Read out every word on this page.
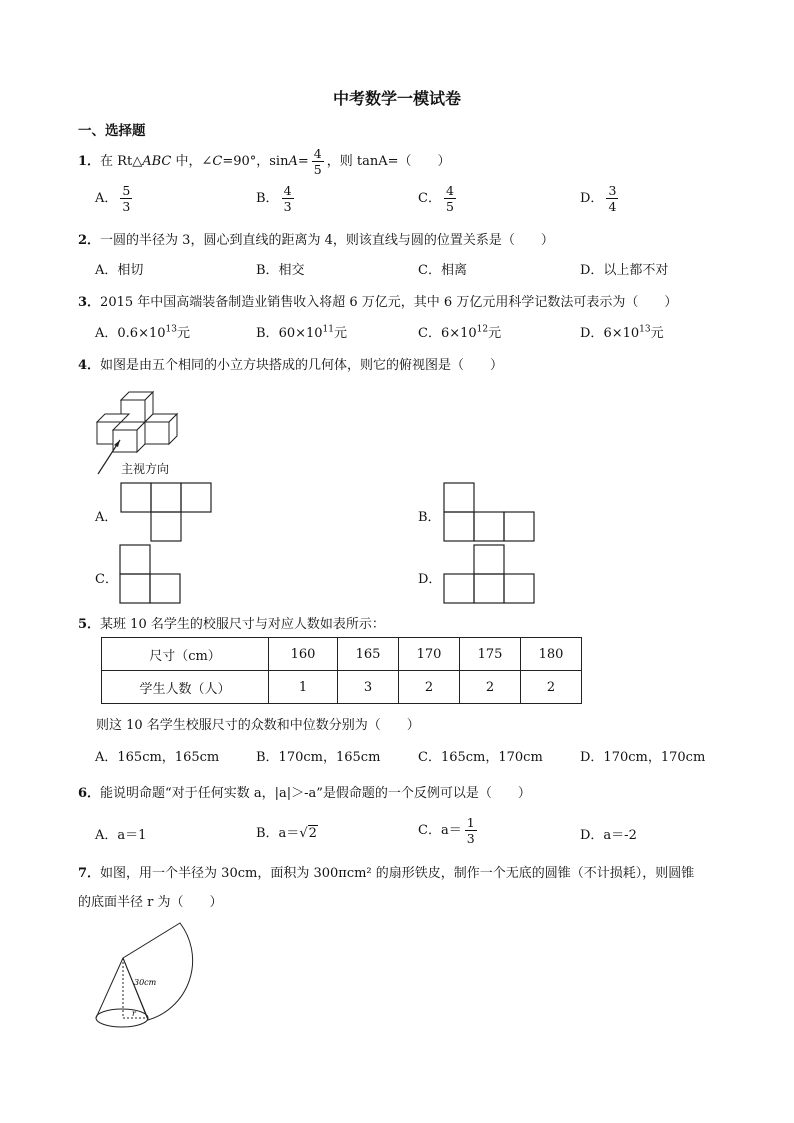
中考数学一模试卷
一、选择题
1．在 Rt△ABC 中，∠C=90°，$\sin A= \frac{4}{5}$ ，则 tanA=（　　）
A． $\frac{5}{3}$	B． $\frac{4}{3}$	C． $\frac{4}{5}$	D． $\frac{3}{4}$
2．一圆的半径为 3，圆心到直线的距离为 4，则该直线与圆的位置关系是（　　）
A．相切	B．相交	C．相离	D．以上都不对
3．2015 年中国高端装备制造业销售收入将超 6 万亿元，其中 6 万亿元用科学记数法可表示为（　　）
A．$0.6\times 10^{13}$元	B．$60\times 10^{11}$元	C．$6\times 10^{12}$元	D．$6\times 10^{13}$元
4．如图是由五个相同的小立方块搭成的几何体，则它的俯视图是（　　）
主视方向
A．	B．
C．	D．
5．某班 10 名学生的校服尺寸与对应人数如表所示：
尺寸（cm）	160	165	170	175	180
学生人数（人）	1	3	2	2	2
则这 10 名学生校服尺寸的众数和中位数分别为（　　）
A．165cm，165cm	B．170cm，165cm	C．165cm，170cm	D．170cm，170cm
6．能说明命题“对于任何实数 a，|a|＞-a”是假命题的一个反例可以是（　　）
A．a＝1	B．a＝√2	C．$a= \frac{1}{3}$	D．a＝-2
7．如图，用一个半径为 30cm，面积为 300πcm² 的扇形铁皮，制作一个无底的圆锥（不计损耗），则圆锥
的底面半径 r 为（　　）
30cm
r
